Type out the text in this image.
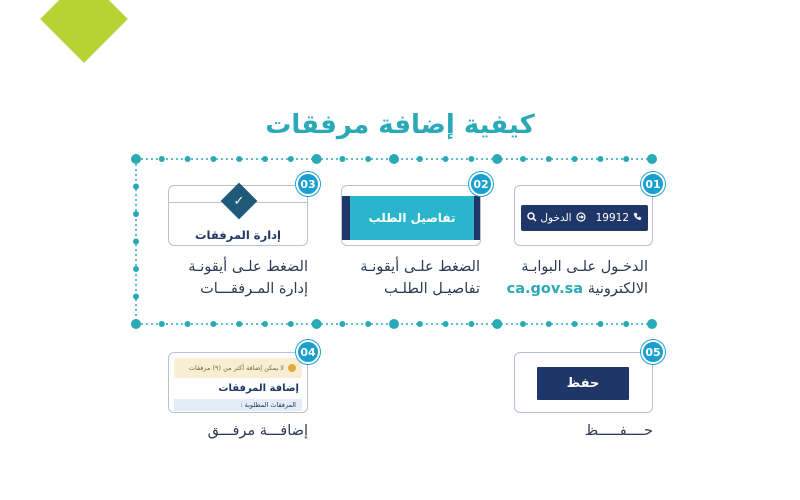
كيفية إضافة مرفقات
19912
الدخول
01
الدخـول علـى البوابـة
الالكترونية ca.gov.sa
تفاصيل الطلب
02
الضغط علـى أيقونـة
تفاصيـل الطلـب
✓
إدارة المرفقات
03
الضغط علـى أيقونـة
إدارة المـرفقـــات
لا يمكن إضافة أكثر من (٩) مرفقات
إضافة المرفقات
المرفقات المطلوبة :
04
إضافـــة مرفـــق
حفظ
05
حــــفـــــظ
